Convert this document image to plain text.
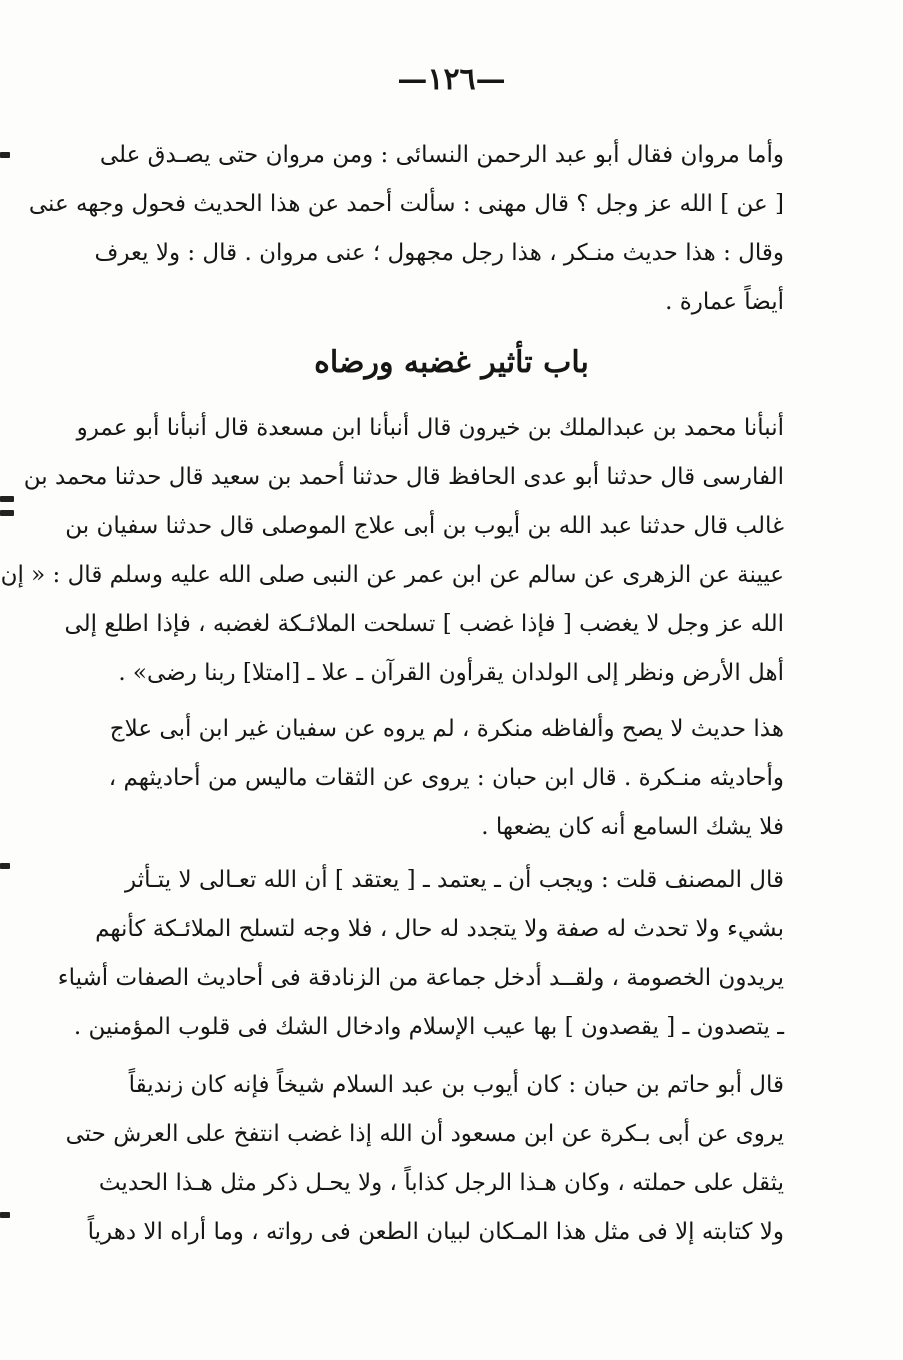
—١٢٦—
وأما مروان فقال أبو عبد الرحمن النسائى : ومن مروان حتى يصـدق على
[ عن ] الله عز وجل ؟ قال مهنى : سألت أحمد عن هذا الحديث فحول وجهه عنى
وقال : هذا حديث منـكر ، هذا رجل مجهول ؛ عنى مروان . قال : ولا يعرف
أيضاً عمارة .
باب تأثير غضبه ورضاه
أنبأنا محمد بن عبدالملك بن خيرون قال أنبأنا ابن مسعدة قال أنبأنا أبو عمرو
الفارسى قال حدثنا أبو عدى الحافظ قال حدثنا أحمد بن سعيد قال حدثنا محمد بن
غالب قال حدثنا عبد الله بن أيوب بن أبى علاج الموصلى قال حدثنا سفيان بن
عيينة عن الزهرى عن سالم عن ابن عمر عن النبى صلى الله عليه وسلم قال : « إن
الله عز وجل لا يغضب [ فإذا غضب ] تسلحت الملائـكة لغضبه ، فإذا اطلع إلى
أهل الأرض ونظر إلى الولدان يقرأون القرآن ـ علا ـ [امتلا] ربنا رضى» .
هذا حديث لا يصح وألفاظه منكرة ، لم يروه عن سفيان غير ابن أبى علاج
وأحاديثه منـكرة . قال ابن حبان : يروى عن الثقات ماليس من أحاديثهم ،
فلا يشك السامع أنه كان يضعها .
قال المصنف قلت : ويجب أن ـ يعتمد ـ [ يعتقد ] أن الله تعـالى لا يتـأثر
بشيء ولا تحدث له صفة ولا يتجدد له حال ، فلا وجه لتسلح الملائـكة كأنهم
يريدون الخصومة ، ولقــد أدخل جماعة من الزنادقة فى أحاديث الصفات أشياء
ـ يتصدون ـ [ يقصدون ] بها عيب الإسلام وادخال الشك فى قلوب المؤمنين .
قال أبو حاتم بن حبان : كان أيوب بن عبد السلام شيخاً فإنه كان زنديقاً
يروى عن أبى بـكرة عن ابن مسعود أن الله إذا غضب انتفخ على العرش حتى
يثقل على حملته ، وكان هـذا الرجل كذاباً ، ولا يحـل ذكر مثل هـذا الحديث
ولا كتابته إلا فى مثل هذا المـكان لبيان الطعن فى رواته ، وما أراه الا دهرياً
